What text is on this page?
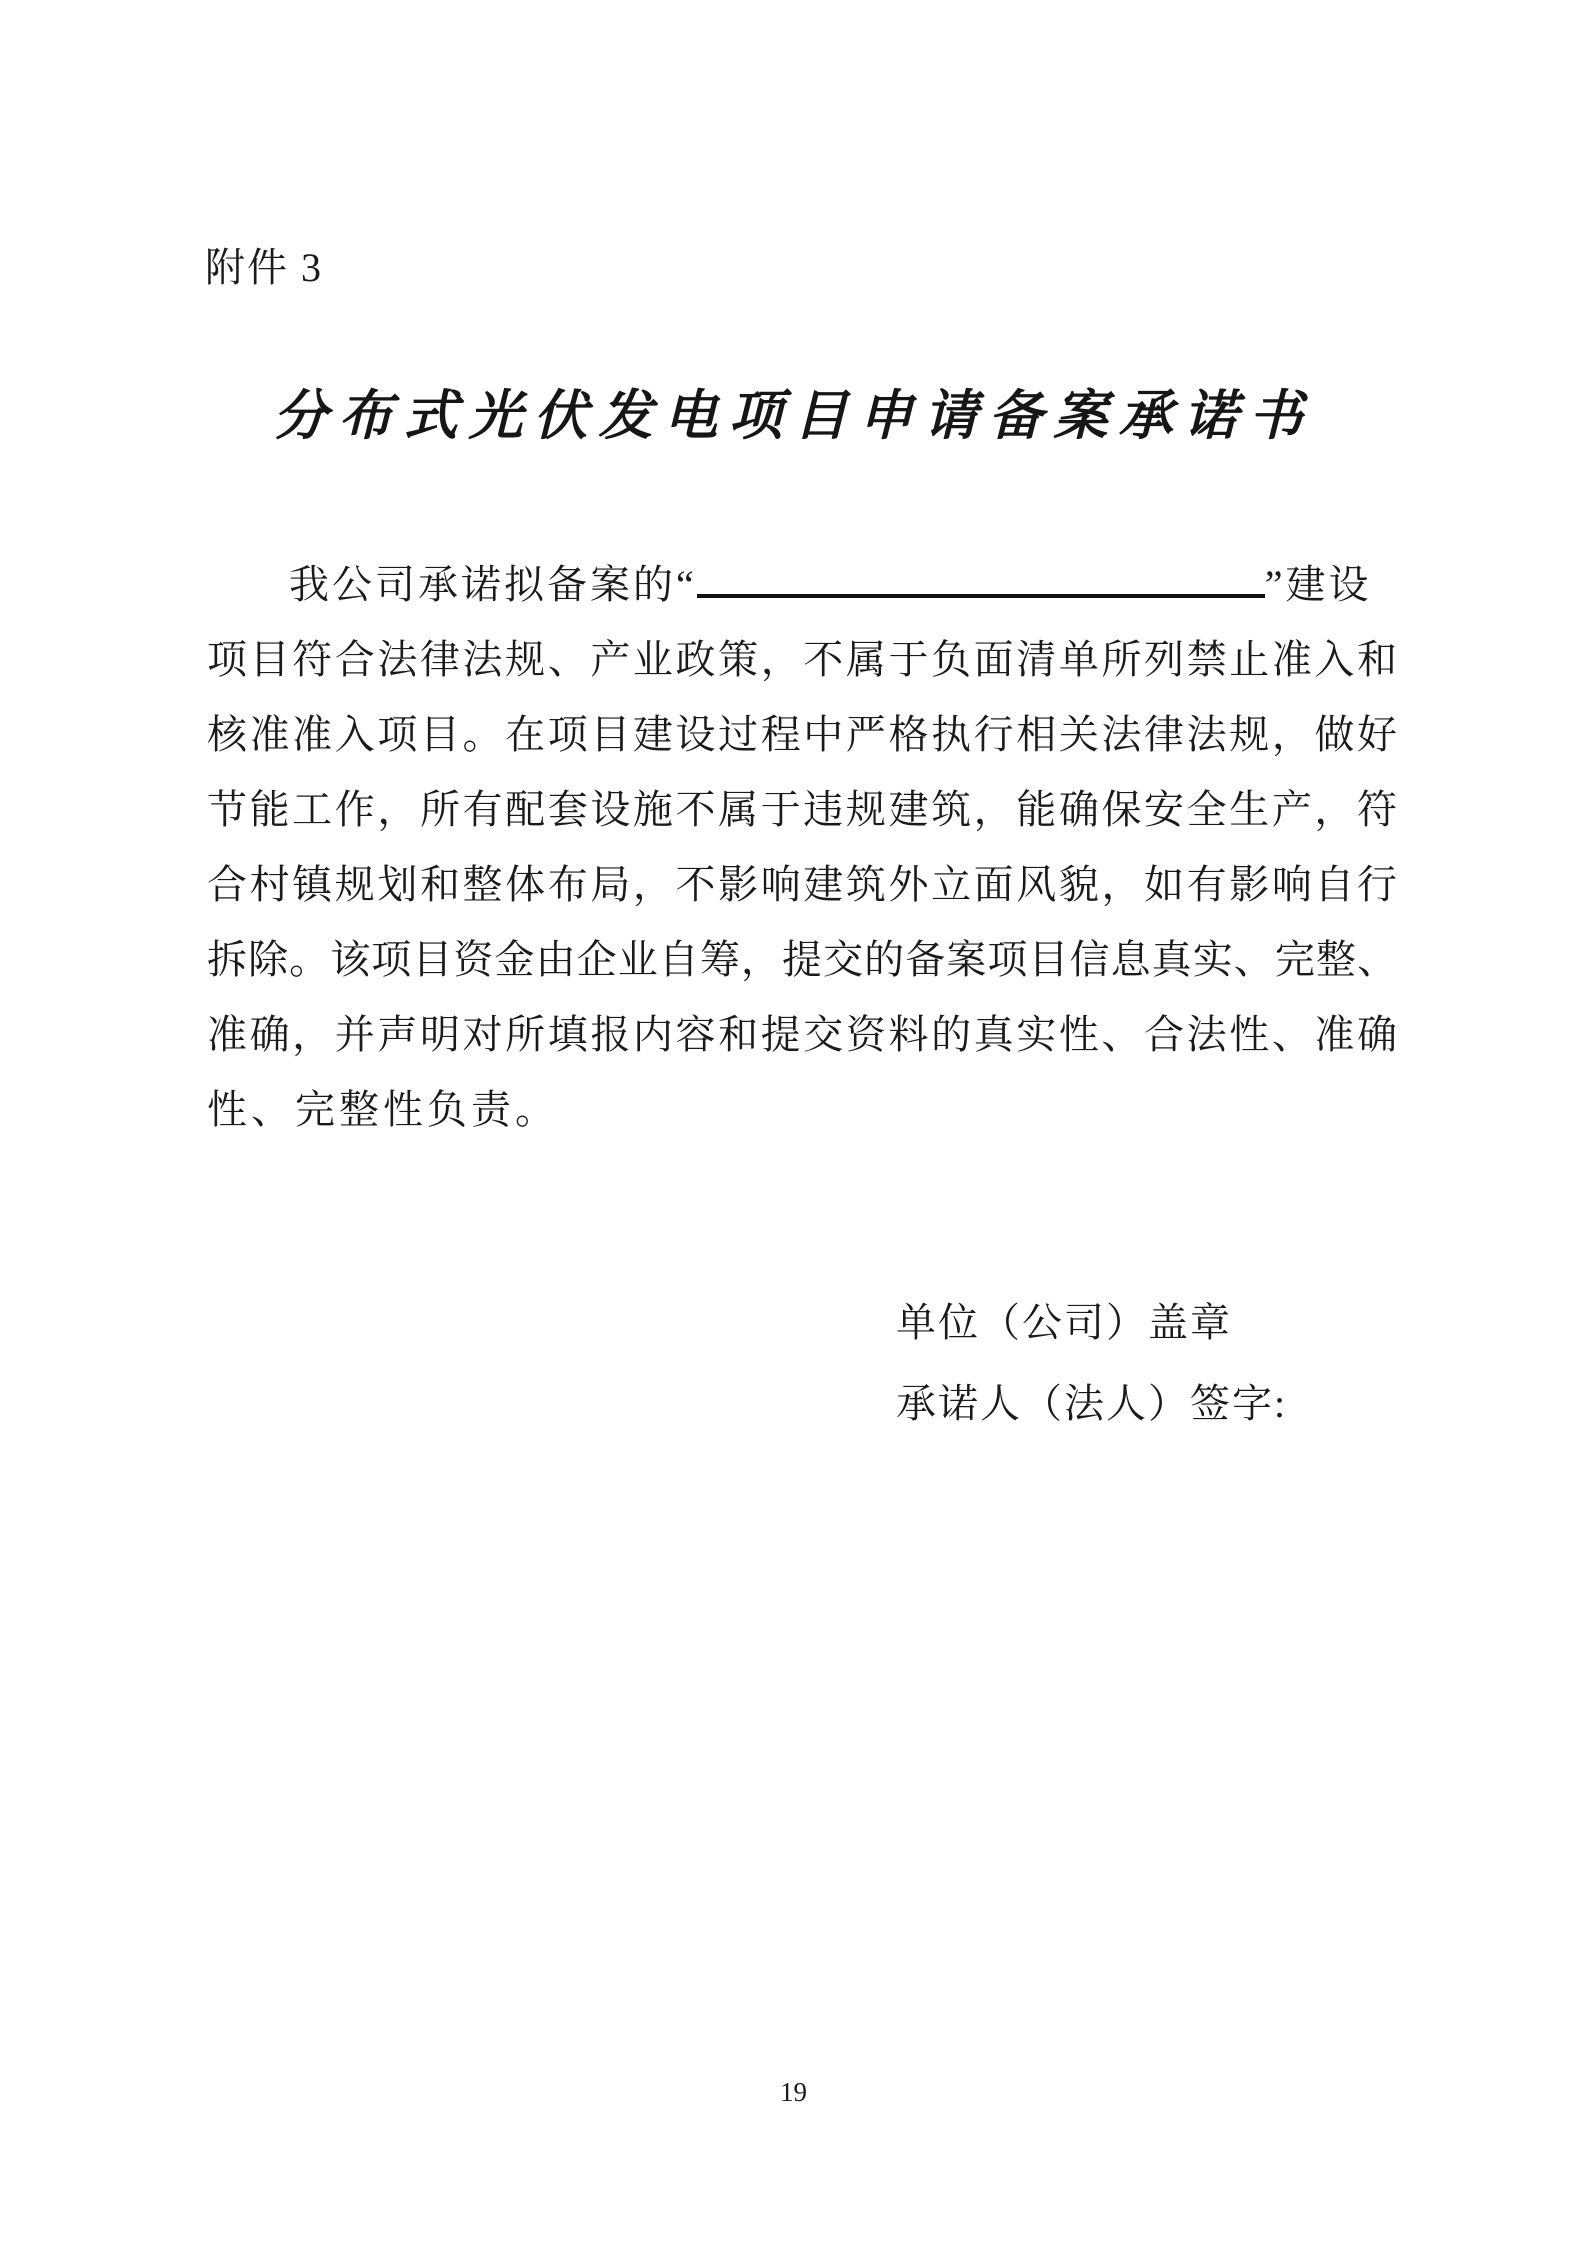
附件 3
分布式光伏发电项目申请备案承诺书
我公司承诺拟备案的“	”建设
项目符合法律法规、产业政策，不属于负面清单所列禁止准入和
核准准入项目。在项目建设过程中严格执行相关法律法规，做好
节能工作，所有配套设施不属于违规建筑，能确保安全生产，符
合村镇规划和整体布局，不影响建筑外立面风貌，如有影响自行
拆除。该项目资金由企业自筹，提交的备案项目信息真实、完整、
准确，并声明对所填报内容和提交资料的真实性、合法性、准确
性、完整性负责。
单位（公司）盖章
承诺人（法人）签字:
19
